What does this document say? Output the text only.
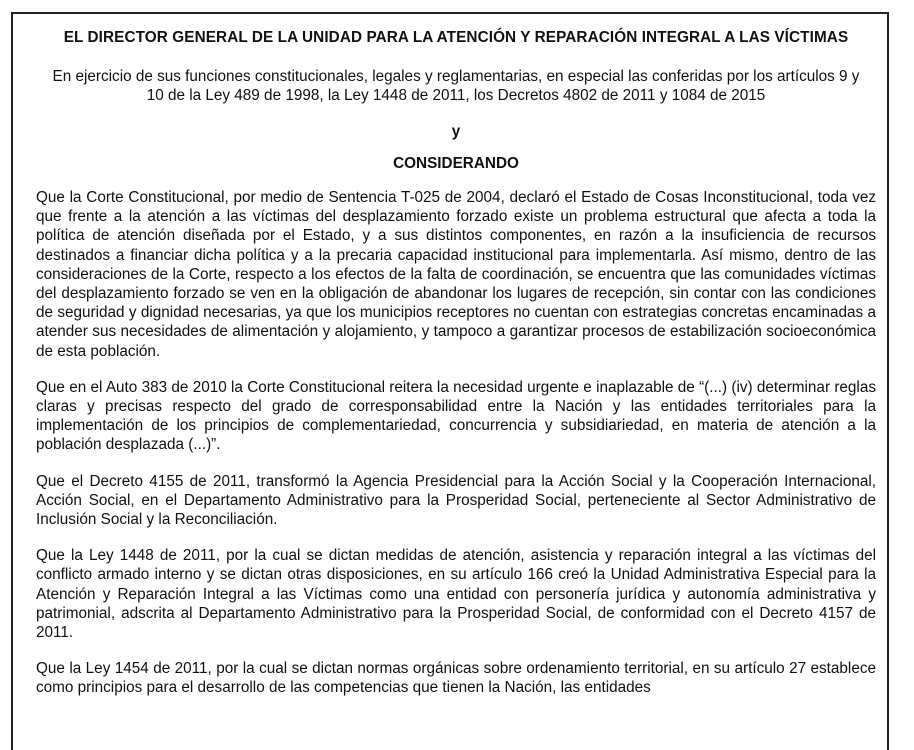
EL DIRECTOR GENERAL DE LA UNIDAD PARA LA ATENCIÓN Y REPARACIÓN INTEGRAL A LAS VÍCTIMAS

En ejercicio de sus funciones constitucionales, legales y reglamentarias, en especial las conferidas por los artículos 9 y 10 de la Ley 489 de 1998, la Ley 1448 de 2011, los Decretos 4802 de 2011 y 1084 de 2015

y

CONSIDERANDO

Que la Corte Constitucional, por medio de Sentencia T-025 de 2004, declaró el Estado de Cosas Inconstitucional, toda vez que frente a la atención a las víctimas del desplazamiento forzado existe un problema estructural que afecta a toda la política de atención diseñada por el Estado, y a sus distintos componentes, en razón a la insuficiencia de recursos destinados a financiar dicha política y a la precaria capacidad institucional para implementarla. Así mismo, dentro de las consideraciones de la Corte, respecto a los efectos de la falta de coordinación, se encuentra que las comunidades víctimas del desplazamiento forzado se ven en la obligación de abandonar los lugares de recepción, sin contar con las condiciones de seguridad y dignidad necesarias, ya que los municipios receptores no cuentan con estrategias concretas encaminadas a atender sus necesidades de alimentación y alojamiento, y tampoco a garantizar procesos de estabilización socioeconómica de esta población.

Que en el Auto 383 de 2010 la Corte Constitucional reitera la necesidad urgente e inaplazable de “(...) (iv) determinar reglas claras y precisas respecto del grado de corresponsabilidad entre la Nación y las entidades territoriales para la implementación de los principios de complementariedad, concurrencia y subsidiariedad, en materia de atención a la población desplazada (...)”.

Que el Decreto 4155 de 2011, transformó la Agencia Presidencial para la Acción Social y la Cooperación Internacional, Acción Social, en el Departamento Administrativo para la Prosperidad Social, perteneciente al Sector Administrativo de Inclusión Social y la Reconciliación.

Que la Ley 1448 de 2011, por la cual se dictan medidas de atención, asistencia y reparación integral a las víctimas del conflicto armado interno y se dictan otras disposiciones, en su artículo 166 creó la Unidad Administrativa Especial para la Atención y Reparación Integral a las Víctimas como una entidad con personería jurídica y autonomía administrativa y patrimonial, adscrita al Departamento Administrativo para la Prosperidad Social, de conformidad con el Decreto 4157 de 2011.

Que la Ley 1454 de 2011, por la cual se dictan normas orgánicas sobre ordenamiento territorial, en su artículo 27 establece como principios para el desarrollo de las competencias que tienen la Nación, las entidades
